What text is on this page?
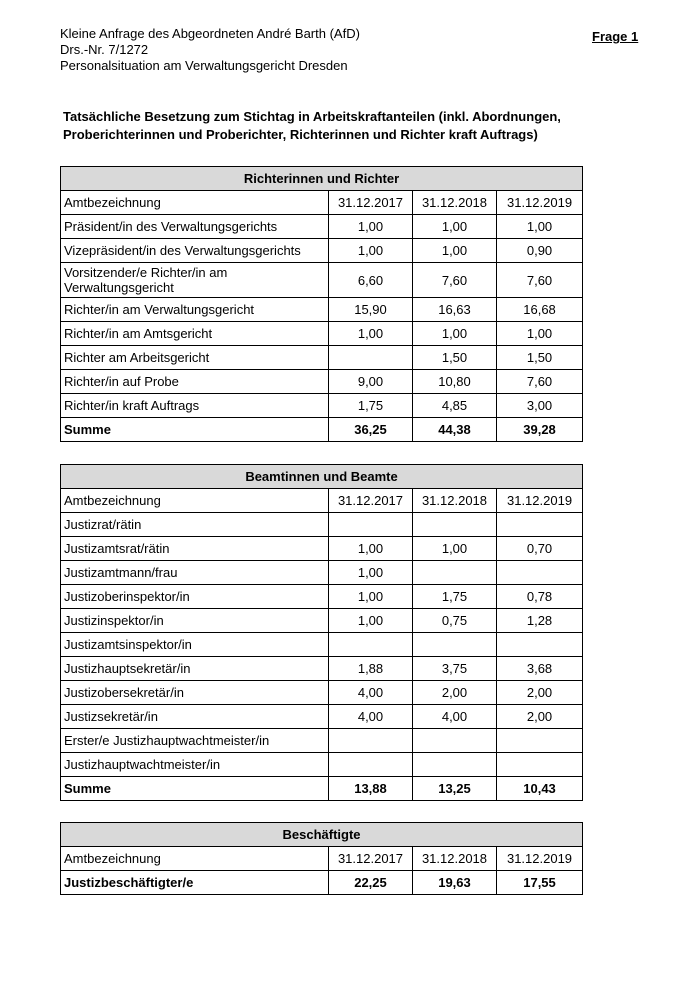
Kleine Anfrage des Abgeordneten André Barth (AfD)
Drs.-Nr. 7/1272
Personalsituation am Verwaltungsgericht Dresden
Frage 1
Tatsächliche Besetzung zum Stichtag in Arbeitskraftanteilen (inkl. Abordnungen,
Proberichterinnen und Proberichter, Richterinnen und Richter kraft Auftrags)
Richterinnen und Richter			
Amtbezeichnung	31.12.2017	31.12.2018	31.12.2019
Präsident/in des Verwaltungsgerichts	1,00	1,00	1,00
Vizepräsident/in des Verwaltungsgerichts	1,00	1,00	0,90
Vorsitzender/e Richter/in am Verwaltungsgericht	6,60	7,60	7,60
Richter/in am Verwaltungsgericht	15,90	16,63	16,68
Richter/in am Amtsgericht	1,00	1,00	1,00
Richter am Arbeitsgericht		1,50	1,50
Richter/in auf Probe	9,00	10,80	7,60
Richter/in kraft Auftrags	1,75	4,85	3,00
Summe	36,25	44,38	39,28
Beamtinnen und Beamte			
Amtbezeichnung	31.12.2017	31.12.2018	31.12.2019
Justizrat/rätin			
Justizamtsrat/rätin	1,00	1,00	0,70
Justizamtmann/frau	1,00		
Justizoberinspektor/in	1,00	1,75	0,78
Justizinspektor/in	1,00	0,75	1,28
Justizamtsinspektor/in			
Justizhauptsekretär/in	1,88	3,75	3,68
Justizobersekretär/in	4,00	2,00	2,00
Justizsekretär/in	4,00	4,00	2,00
Erster/e Justizhauptwachtmeister/in			
Justizhauptwachtmeister/in			
Summe	13,88	13,25	10,43
Beschäftigte			
Amtbezeichnung	31.12.2017	31.12.2018	31.12.2019
Justizbeschäftigter/e	22,25	19,63	17,55
